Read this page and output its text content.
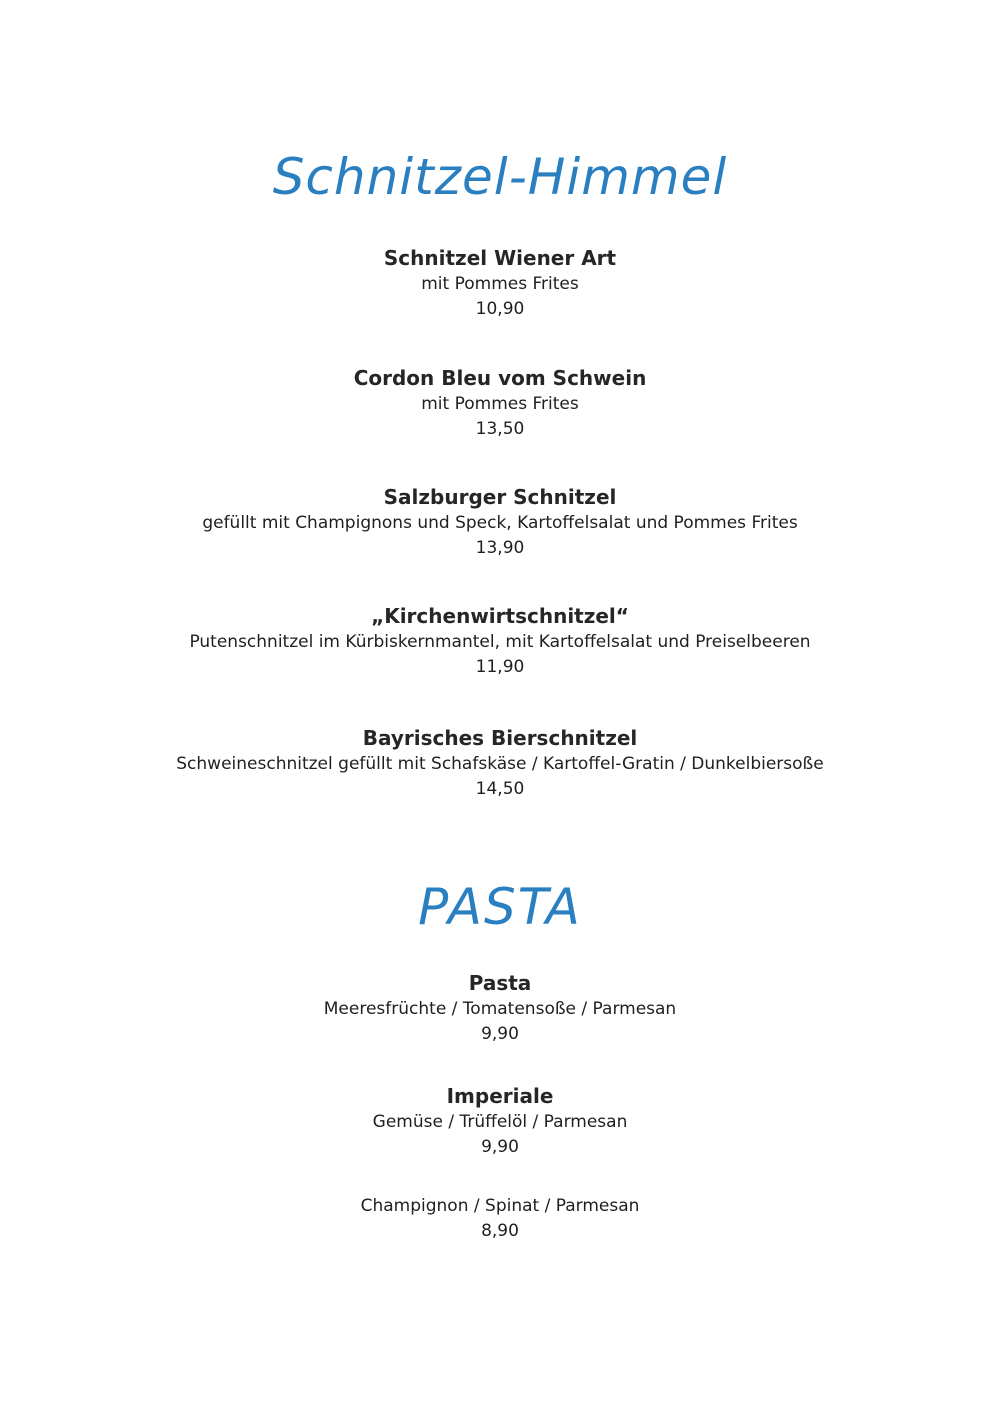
Schnitzel-Himmel
Schnitzel Wiener Art
mit Pommes Frites
10,90
Cordon Bleu vom Schwein
mit Pommes Frites
13,50
Salzburger Schnitzel
gefüllt mit Champignons und Speck, Kartoffelsalat und Pommes Frites
13,90
„Kirchenwirtschnitzel“
Putenschnitzel im Kürbiskernmantel, mit Kartoffelsalat und Preiselbeeren
11,90
Bayrisches Bierschnitzel
Schweineschnitzel gefüllt mit Schafskäse / Kartoffel-Gratin / Dunkelbiersoße
14,50
PASTA
Pasta
Meeresfrüchte / Tomatensoße / Parmesan
9,90
Imperiale
Gemüse / Trüffelöl / Parmesan
9,90
Champignon / Spinat / Parmesan
8,90
